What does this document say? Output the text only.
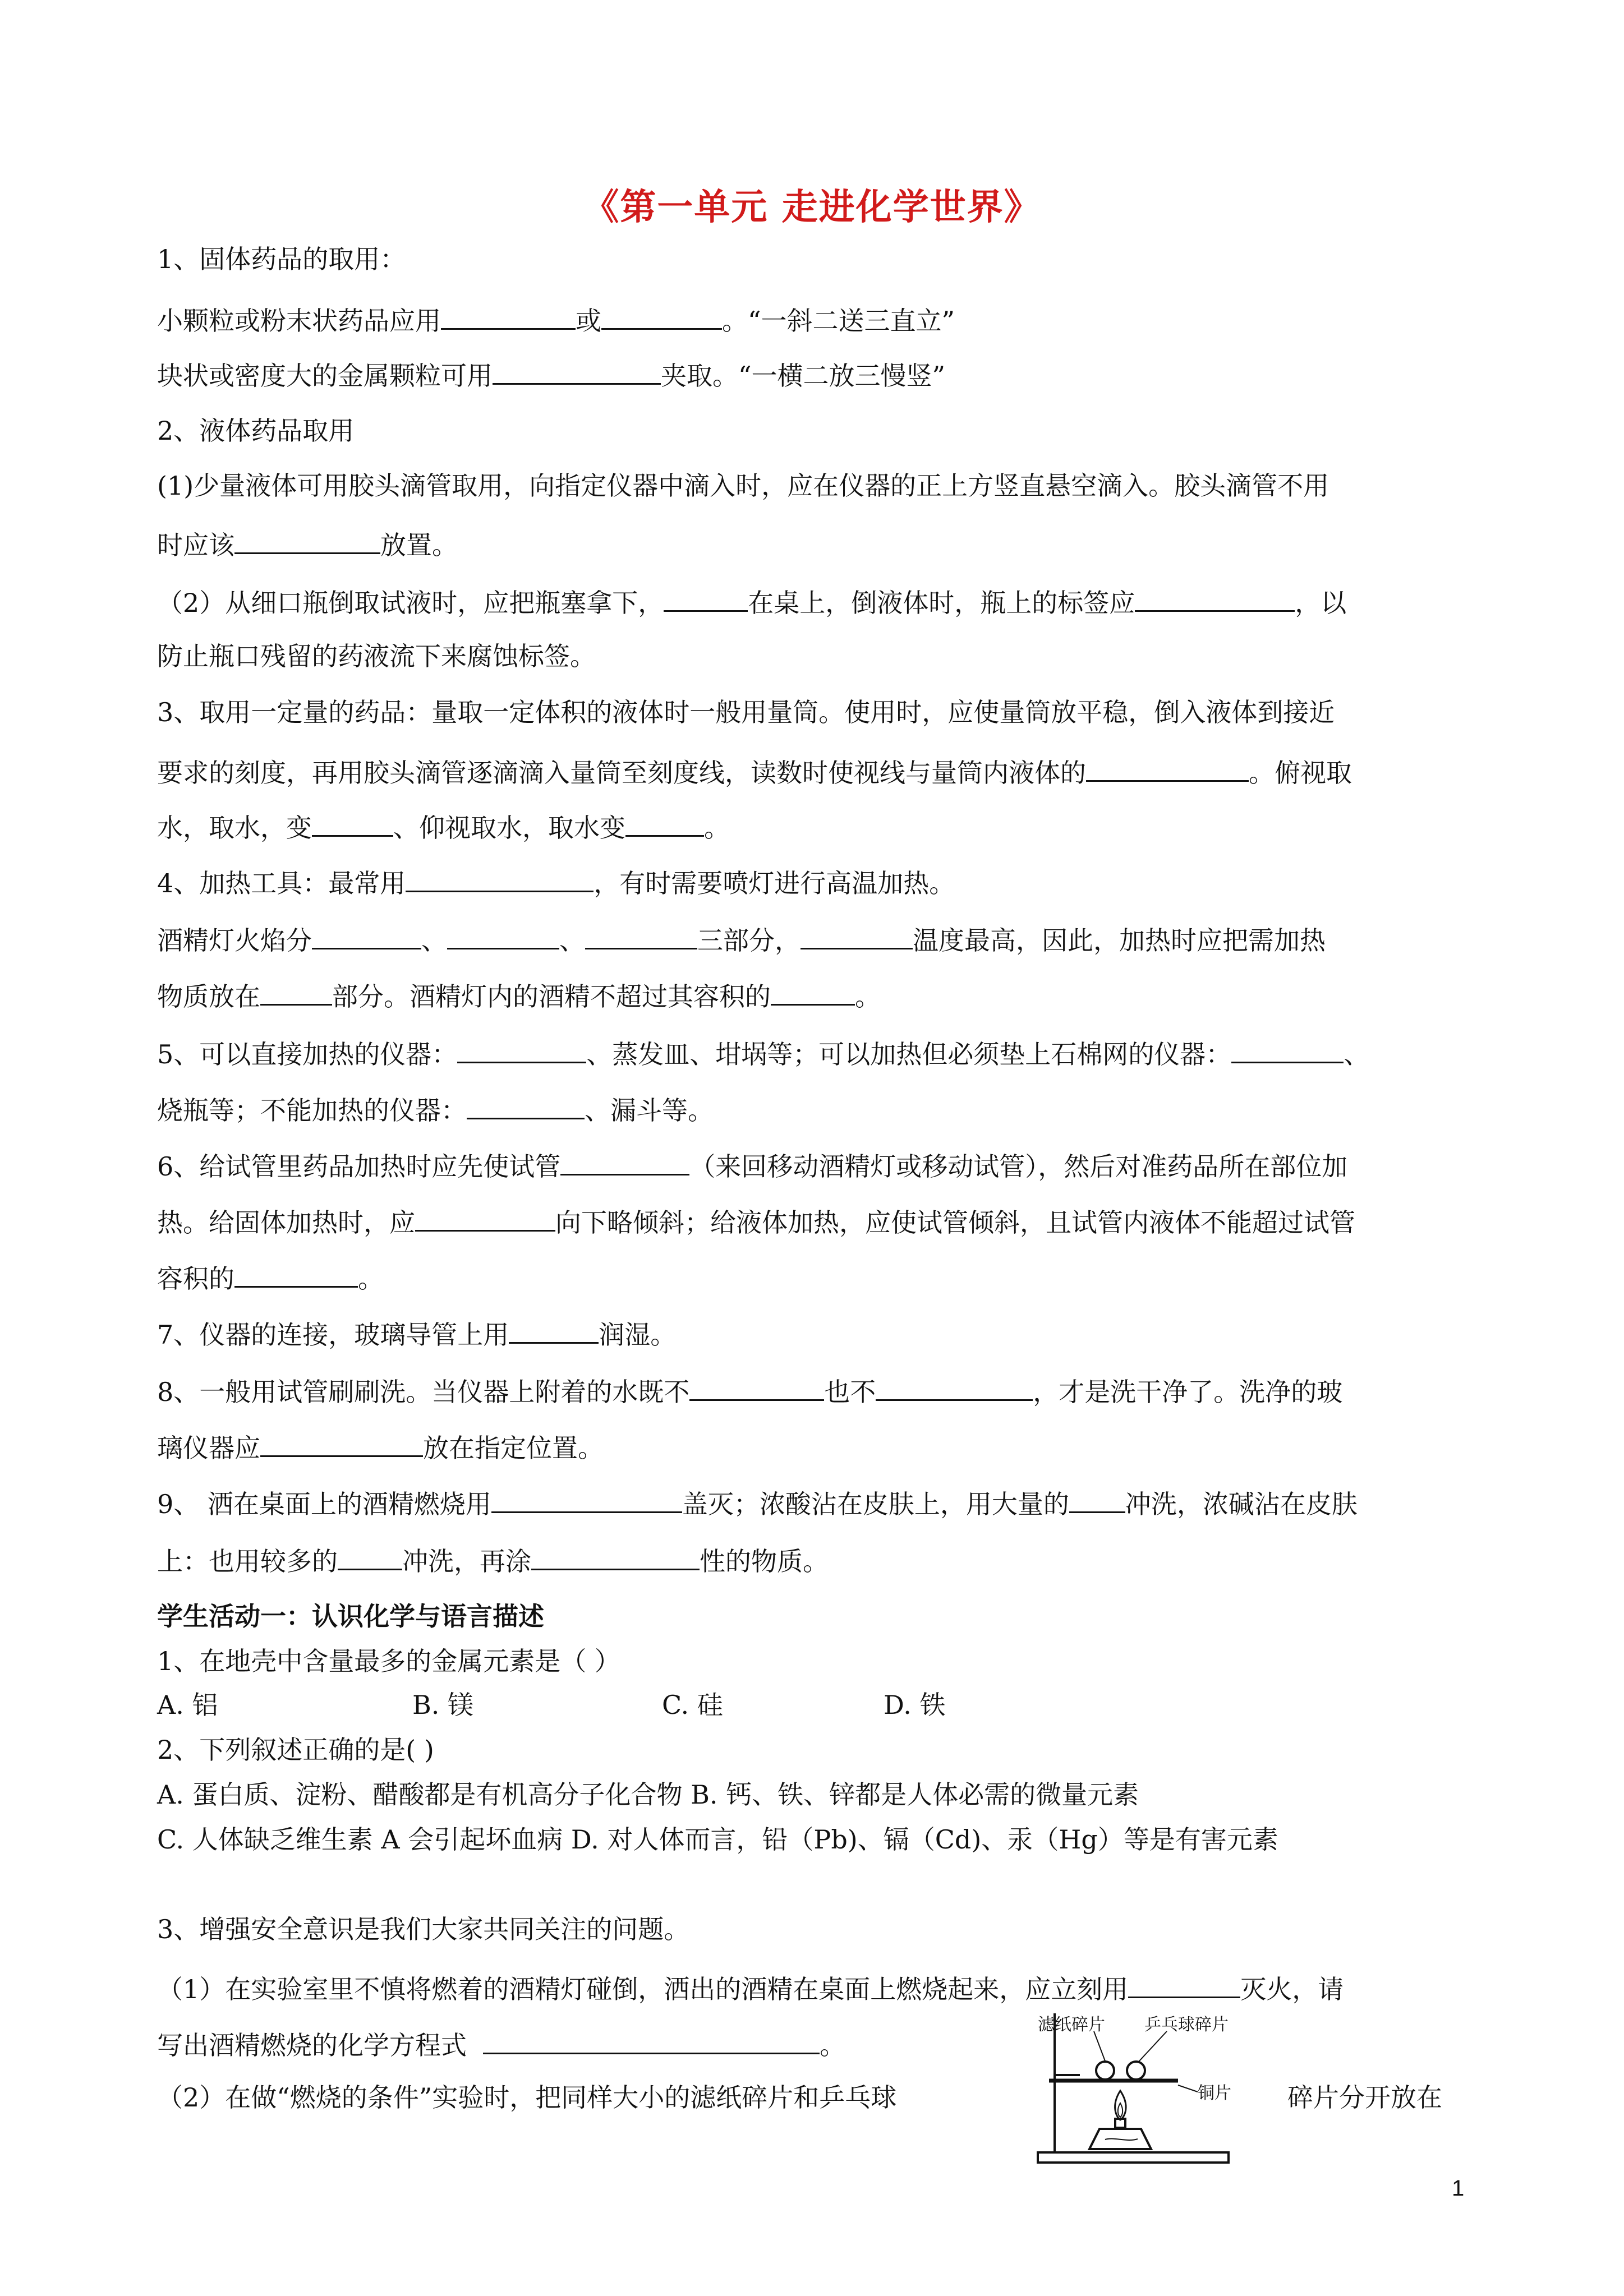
《第一单元 走进化学世界》
1、固体药品的取用：
小颗粒或粉末状药品应用	或	。“一斜二送三直立”
块状或密度大的金属颗粒可用	夹取。“一横二放三慢竖”
2、液体药品取用
(1)少量液体可用胶头滴管取用，向指定仪器中滴入时，应在仪器的正上方竖直悬空滴入。胶头滴管不用
时应该	放置。
（2）从细口瓶倒取试液时，应把瓶塞拿下，	在桌上，倒液体时，瓶上的标签应	，以
防止瓶口残留的药液流下来腐蚀标签。
3、取用一定量的药品：量取一定体积的液体时一般用量筒。使用时，应使量筒放平稳，倒入液体到接近
要求的刻度，再用胶头滴管逐滴滴入量筒至刻度线，读数时使视线与量筒内液体的	。俯视取
水，取水，变	、仰视取水，取水变	。
4、加热工具：最常用	，有时需要喷灯进行高温加热。
酒精灯火焰分	、	、	三部分，	温度最高，因此，加热时应把需加热
物质放在	部分。酒精灯内的酒精不超过其容积的	。
5、可以直接加热的仪器：	、蒸发皿、坩埚等；可以加热但必须垫上石棉网的仪器：	、
烧瓶等；不能加热的仪器：	、漏斗等。
6、给试管里药品加热时应先使试管	（来回移动酒精灯或移动试管），然后对准药品所在部位加
热。给固体加热时，应	向下略倾斜；给液体加热，应使试管倾斜，且试管内液体不能超过试管
容积的	。
7、仪器的连接，玻璃导管上用	润湿。
8、一般用试管刷刷洗。当仪器上附着的水既不	也不	，才是洗干净了。洗净的玻
璃仪器应	放在指定位置。
9、 洒在桌面上的酒精燃烧用	盖灭；浓酸沾在皮肤上，用大量的 冲洗，浓碱沾在皮肤
上：也用较多的	冲洗，再涂	性的物质。
学生活动一：认识化学与语言描述
1、在地壳中含量最多的金属元素是（ ）
A. 铝	B. 镁	C. 硅	D. 铁
2、下列叙述正确的是( )
A. 蛋白质、淀粉、醋酸都是有机高分子化合物 B. 钙、铁、锌都是人体必需的微量元素
C. 人体缺乏维生素 A 会引起坏血病 D. 对人体而言，铅（Pb)、镉（Cd)、汞（Hg）等是有害元素
3、增强安全意识是我们大家共同关注的问题。
（1）在实验室里不慎将燃着的酒精灯碰倒，洒出的酒精在桌面上燃烧起来，应立刻用	灭火，请
写出酒精燃烧的化学方程式	。
（2）在做“燃烧的条件”实验时，把同样大小的滤纸碎片和乒乓球	碎片分开放在
滤纸碎片 乒乓球碎片
铜片
1
